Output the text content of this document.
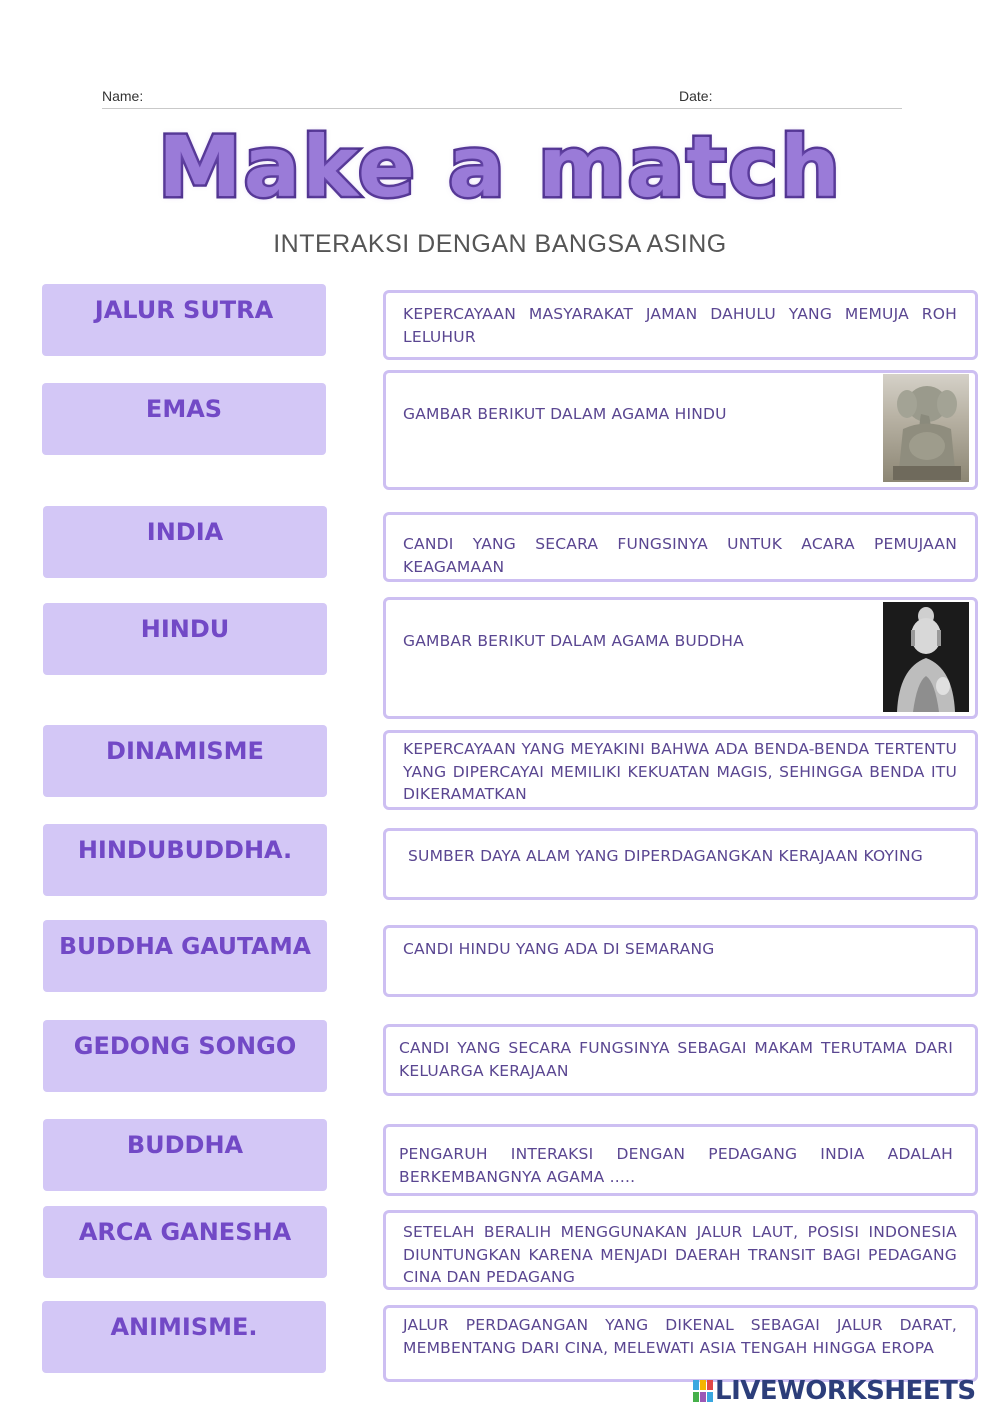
Name:	Date:
Make a match
INTERAKSI DENGAN BANGSA ASING
JALUR SUTRA
EMAS
INDIA
HINDU
DINAMISME
HINDUBUDDHA.
BUDDHA GAUTAMA
GEDONG SONGO
BUDDHA
ARCA GANESHA
ANIMISME.
KEPERCAYAAN MASYARAKAT JAMAN DAHULU YANG MEMUJA ROH LELUHUR
GAMBAR BERIKUT DALAM AGAMA HINDU
CANDI YANG SECARA FUNGSINYA UNTUK ACARA PEMUJAAN KEAGAMAAN
GAMBAR BERIKUT DALAM AGAMA BUDDHA
KEPERCAYAAN YANG MEYAKINI BAHWA ADA BENDA-BENDA TERTENTU YANG DIPERCAYAI MEMILIKI KEKUATAN MAGIS, SEHINGGA BENDA ITU DIKERAMATKAN
SUMBER DAYA ALAM YANG DIPERDAGANGKAN KERAJAAN KOYING
CANDI HINDU YANG ADA DI SEMARANG
CANDI YANG SECARA FUNGSINYA SEBAGAI MAKAM TERUTAMA DARI KELUARGA KERAJAAN
PENGARUH INTERAKSI DENGAN PEDAGANG INDIA ADALAH BERKEMBANGNYA AGAMA .....
SETELAH BERALIH MENGGUNAKAN JALUR LAUT, POSISI INDONESIA DIUNTUNGKAN KARENA MENJADI DAERAH TRANSIT BAGI PEDAGANG CINA DAN PEDAGANG
JALUR PERDAGANGAN YANG DIKENAL SEBAGAI JALUR DARAT, MEMBENTANG DARI CINA, MELEWATI ASIA TENGAH HINGGA EROPA
LIVEWORKSHEETS
